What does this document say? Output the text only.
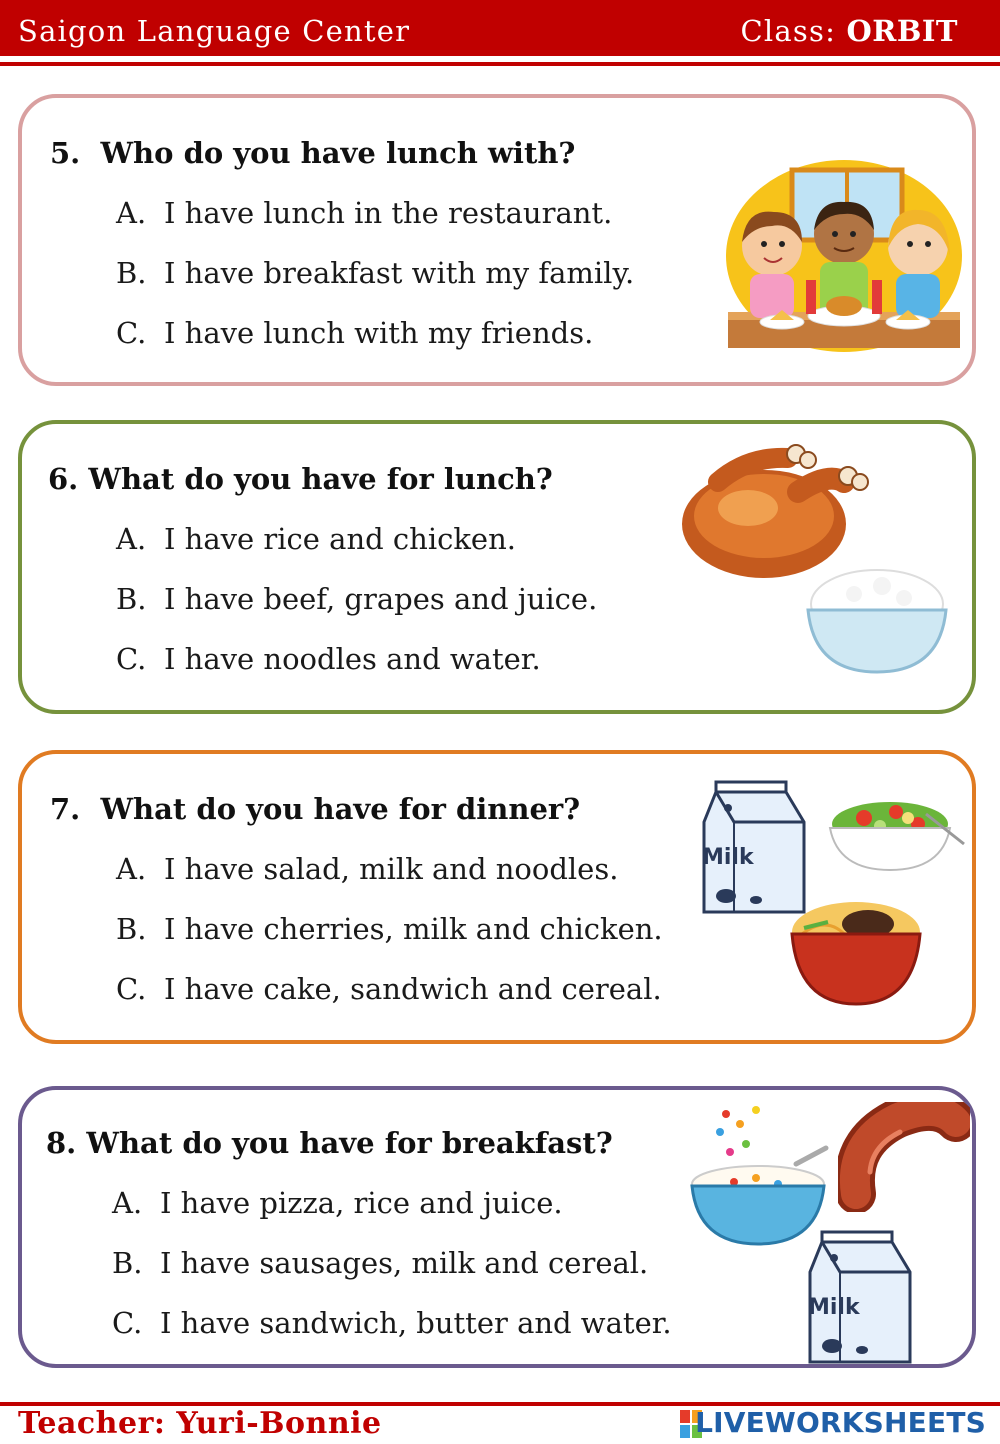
Saigon Language Center	Class: ORBIT
5. Who do you have lunch with?
A. I have lunch in the restaurant.
B. I have breakfast with my family.
C. I have lunch with my friends.
6. What do you have for lunch?
A. I have rice and chicken.
B. I have beef, grapes and juice.
C. I have noodles and water.
7. What do you have for dinner?
A. I have salad, milk and noodles.
B. I have cherries, milk and chicken.
C. I have cake, sandwich and cereal.
Milk
8. What do you have for breakfast?
A. I have pizza, rice and juice.
B. I have sausages, milk and cereal.
C. I have sandwich, butter and water.	Milk
Teacher: Yuri-Bonnie	LIVEWORKSHEETS
